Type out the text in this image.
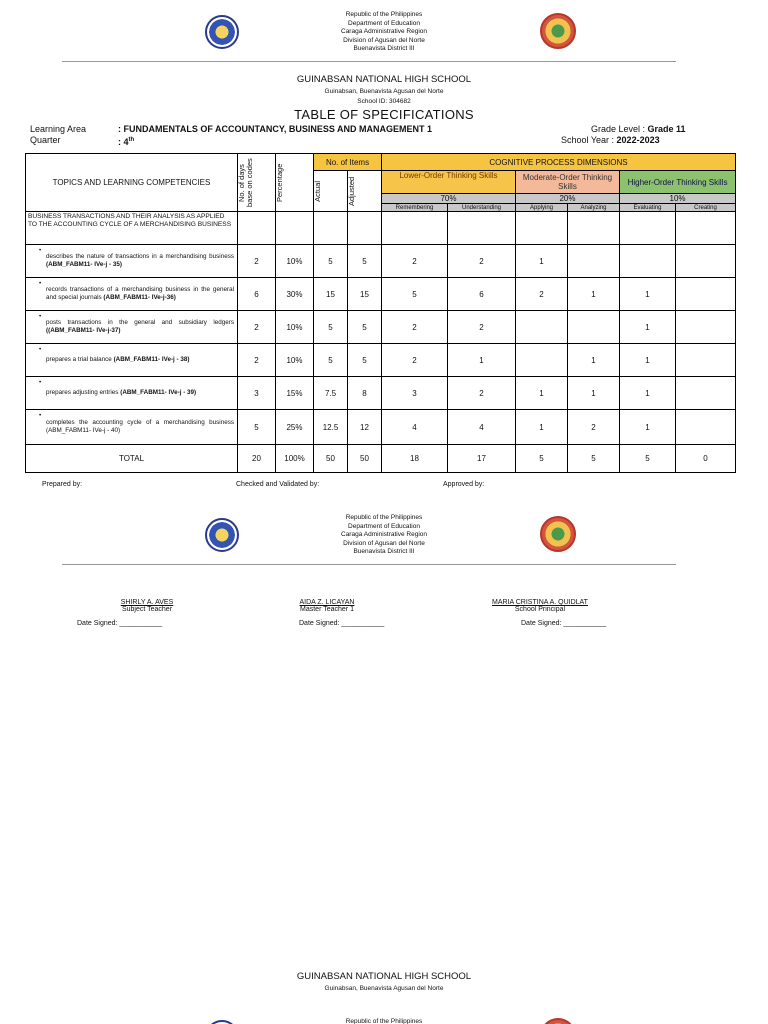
Republic of the Philippines
Department of Education
Caraga Administrative Region
Division of Agusan del Norte
Buenavista District III
GUINABSAN NATIONAL HIGH SCHOOL
Guinabsan, Buenavista Agusan del Norte
School ID: 304682
TABLE OF SPECIFICATIONS
Learning Area	: FUNDAMENTALS OF ACCOUNTANCY, BUSINESS AND MANAGEMENT 1
Quarter	: 4th
Grade Level : Grade 11
School Year : 2022-2023
TOPICS AND LEARNING COMPETENCIES	No. of days base on codes	Percentage	No. of Items		COGNITIVE PROCESS DIMENSIONS					

			Actual	Adjusted	Lower-Order Thinking Skills		Moderate-Order Thinking Skills		Higher-Order Thinking Skills	
					70%		20%		10%	
					Remembering	Understanding	Applying	Analyzing	Evaluating	Creating
BUSINESS TRANSACTIONS AND THEIR ANALYSIS AS APPLIED TO THE ACCOUNTING CYCLE OF A MERCHANDISING BUSINESS										

•
describes the nature of transactions in a merchandising business (ABM_FABM11- IVe-j - 35)	2	10%	5	5	2	2	1			

•
records transactions of a merchandising business in the general and special journals (ABM_FABM11- IVe-j-36)	6	30%	15	15	5	6	2	1	1	

•
posts transactions in the general and subsidiary ledgers ((ABM_FABM11- IVe-j-37)	2	10%	5	5	2	2			1	

•
prepares a trial balance (ABM_FABM11- IVe-j - 38)	2	10%	5	5	2	1		1	1	

•
prepares adjusting entries (ABM_FABM11- IVe-j - 39)	3	15%	7.5	8	3	2	1	1	1	

•
completes the accounting cycle of a merchandising business (ABM_FABM11- IVe-j - 40)	5	25%	12.5	12	4	4	1	2	1	
TOTAL	20	100%	50	50	18	17	5	5	5	0
Prepared by:	Checked and Validated by:	Approved by:
Republic of the Philippines
Department of Education
Caraga Administrative Region
Division of Agusan del Norte
Buenavista District III
SHIRLY A. AVES
Subject Teacher
Date Signed: ___________
AIDA Z. LICAYAN
Master Teacher 1
Date Signed: ___________
MARIA CRISTINA A. QUIDLAT
School Principal
Date Signed: ___________
GUINABSAN NATIONAL HIGH SCHOOL
Guinabsan, Buenavista Agusan del Norte
Republic of the Philippines
